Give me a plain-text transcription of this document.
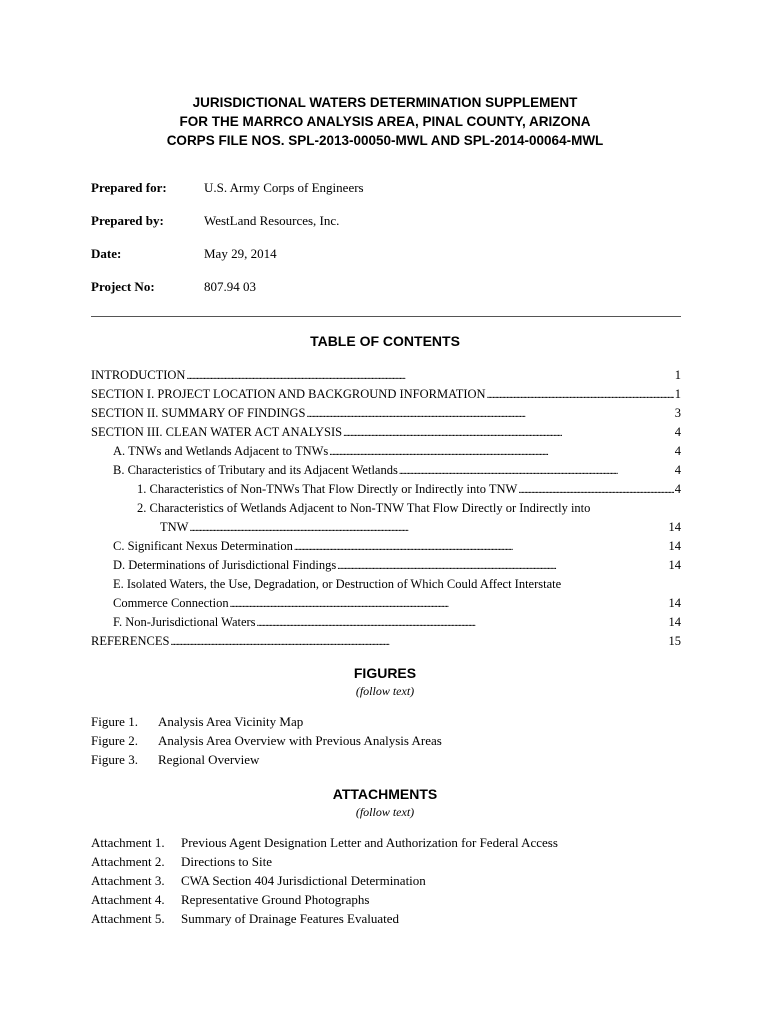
JURISDICTIONAL WATERS DETERMINATION SUPPLEMENT
FOR THE MARRCO ANALYSIS AREA, PINAL COUNTY, ARIZONA
CORPS FILE NOS. SPL-2013-00050-MWL AND SPL-2014-00064-MWL
Prepared for:	U.S. Army Corps of Engineers
Prepared by:	WestLand Resources, Inc.
Date:	May 29, 2014
Project No:	807.94 03
TABLE OF CONTENTS
INTRODUCTION . . .	1
SECTION I. PROJECT LOCATION AND BACKGROUND INFORMATION . . .	1
SECTION II. SUMMARY OF FINDINGS . . .	3
SECTION III. CLEAN WATER ACT ANALYSIS . . .	4
A. TNWs and Wetlands Adjacent to TNWs . . .	4
B. Characteristics of Tributary and its Adjacent Wetlands . . .	4
1. Characteristics of Non-TNWs That Flow Directly or Indirectly into TNW . . .	4
2. Characteristics of Wetlands Adjacent to Non-TNW That Flow Directly or Indirectly into
TNW . . .	14
C. Significant Nexus Determination . . .	14
D. Determinations of Jurisdictional Findings . . .	14
E. Isolated Waters, the Use, Degradation, or Destruction of Which Could Affect Interstate
Commerce Connection . . .	14
F. Non-Jurisdictional Waters . . .	14
REFERENCES . . .	15
FIGURES
(follow text)
Figure 1.	Analysis Area Vicinity Map
Figure 2.	Analysis Area Overview with Previous Analysis Areas
Figure 3.	Regional Overview
ATTACHMENTS
(follow text)
Attachment 1.	Previous Agent Designation Letter and Authorization for Federal Access
Attachment 2.	Directions to Site
Attachment 3.	CWA Section 404 Jurisdictional Determination
Attachment 4.	Representative Ground Photographs
Attachment 5.	Summary of Drainage Features Evaluated
